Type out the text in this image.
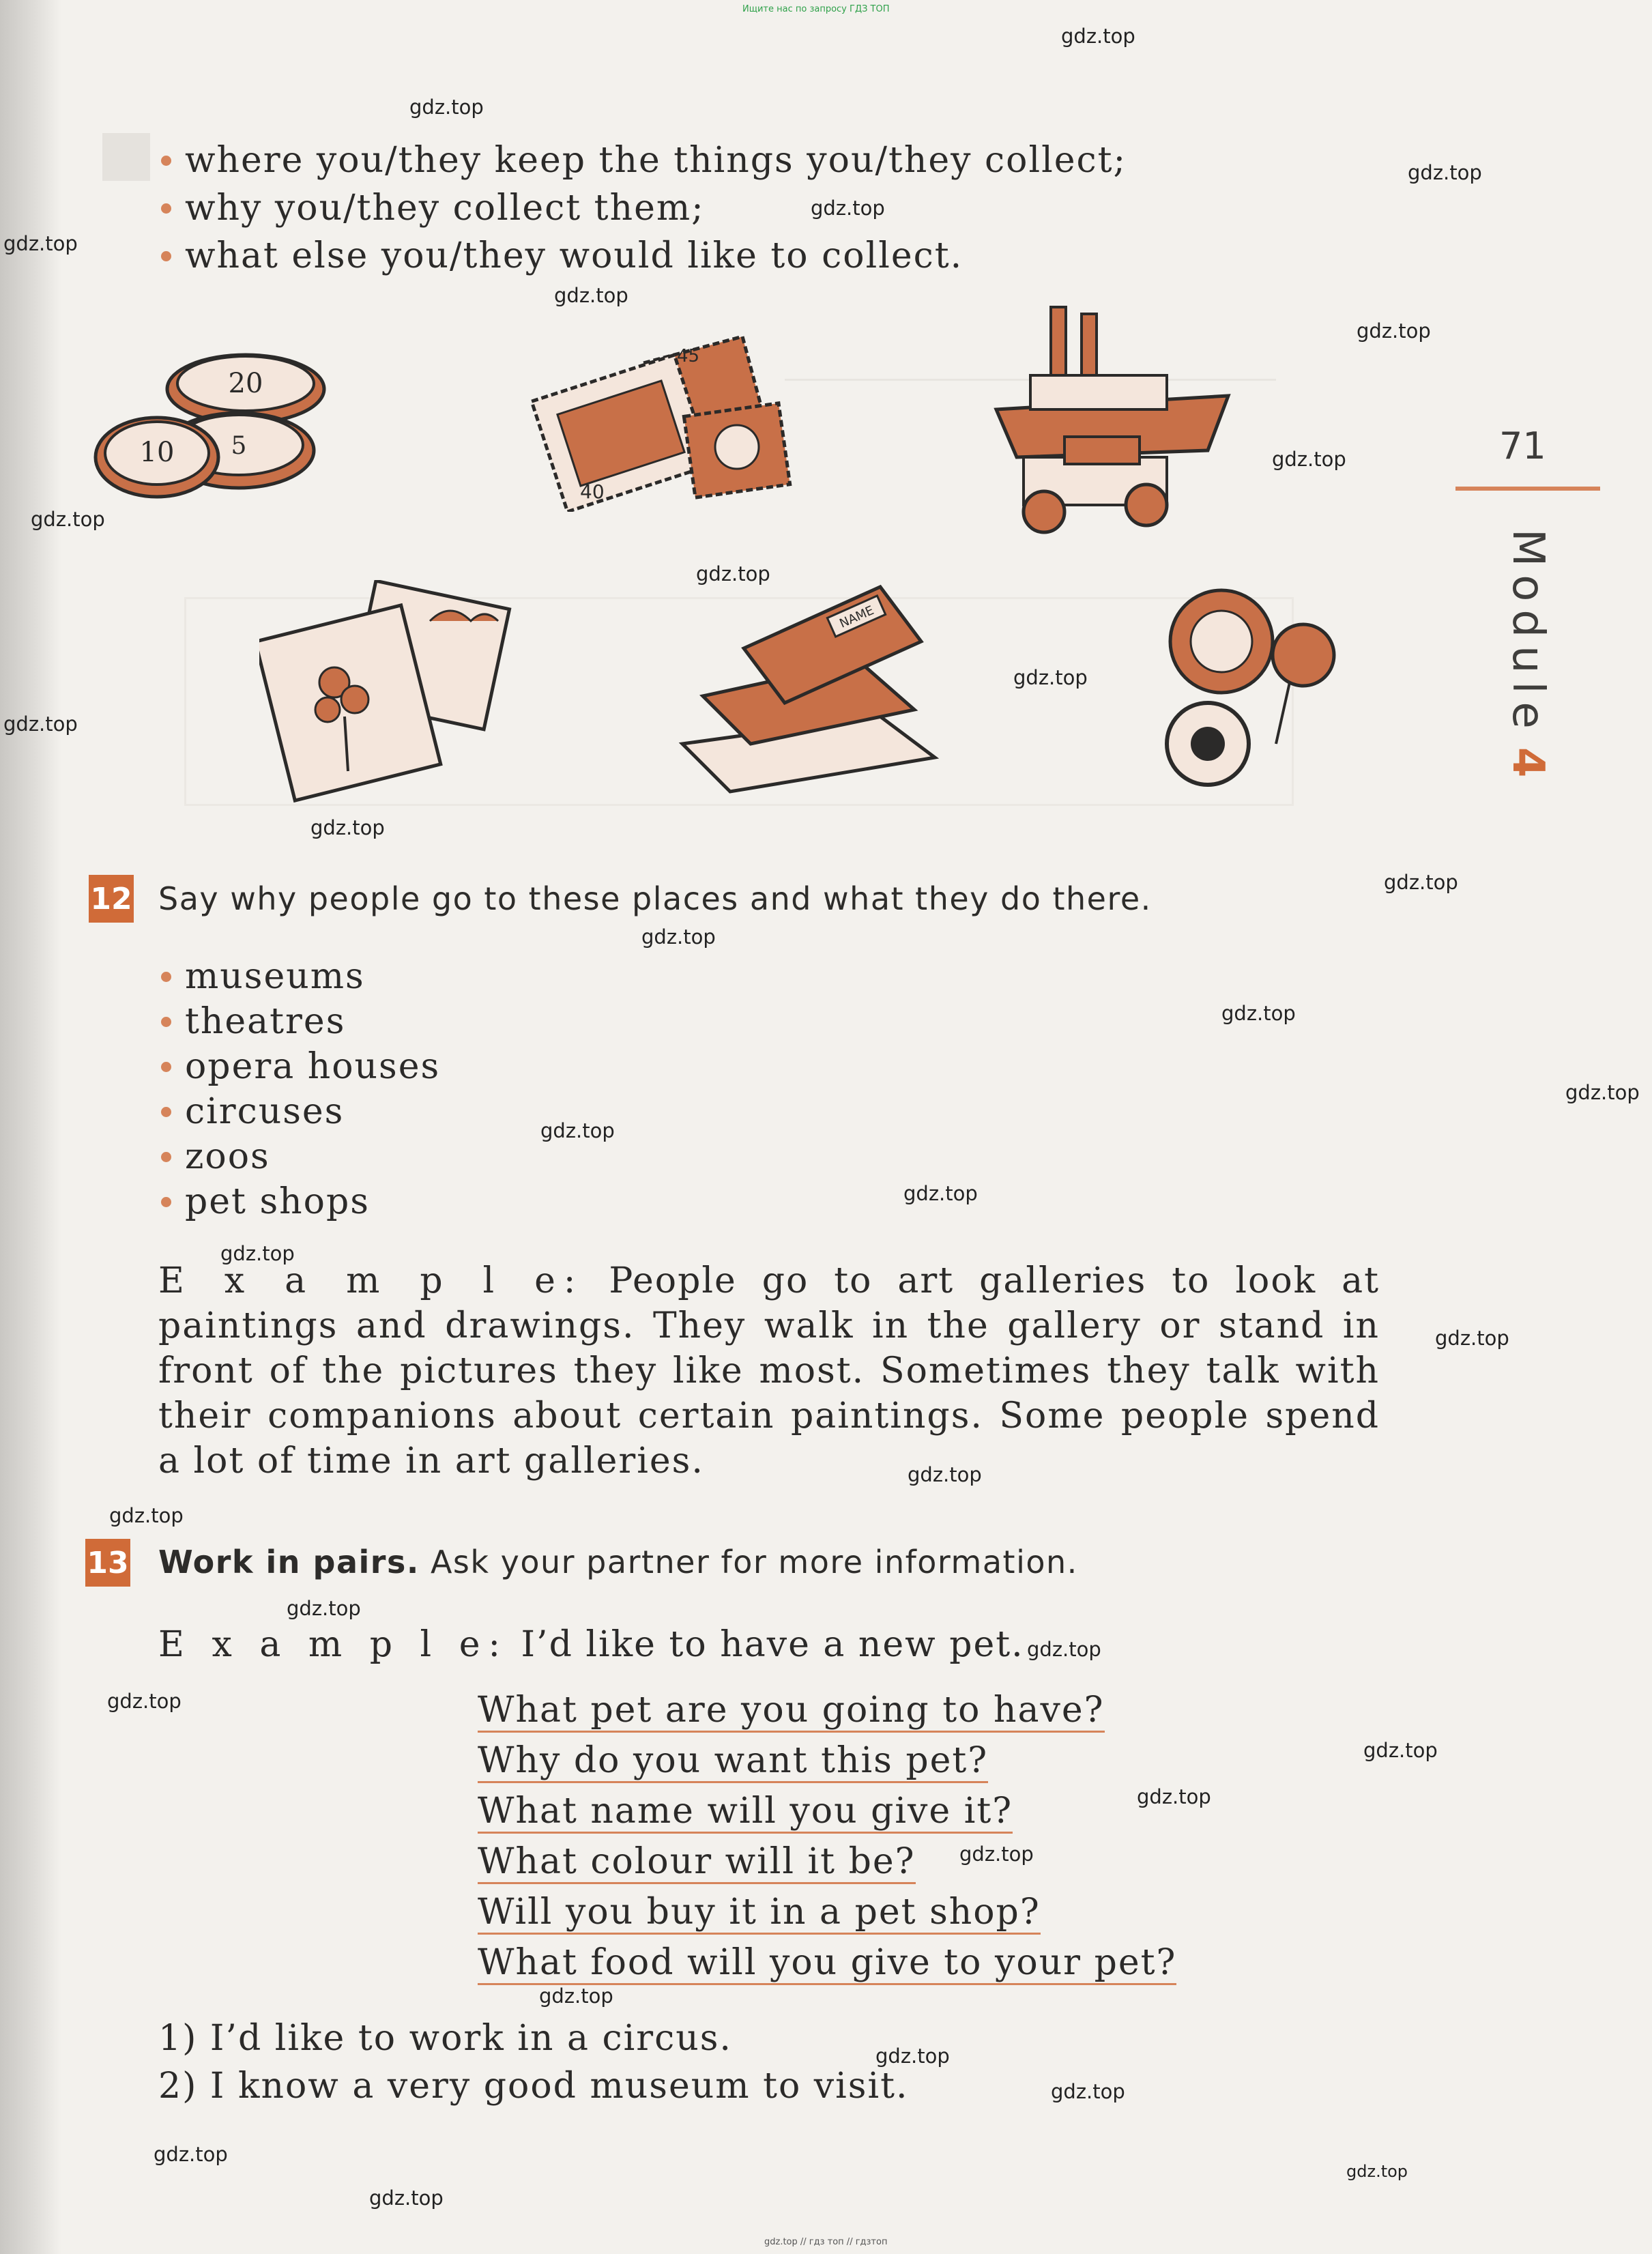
Ищите нас по запросу ГДЗ ТОП
71
Module 4
where you/they keep the things you/they collect;
why you/they collect them;
what else you/they would like to collect.
20
10 5
45
40
NAME
12 Say why people go to these places and what they do there.
museums
theatres
opera houses
circuses
zoos
pet shops
E x a m p l e: People go to art galleries to look at paintings and drawings. They walk in the gallery or stand in front of the pictures they like most. Sometimes they talk with their companions about certain paintings. Some people spend a lot of time in art galleries.
13 Work in pairs. Ask your partner for more information.
E x a m p l e: I’d like to have a new pet.
What pet are you going to have?
Why do you want this pet?
What name will you give it?
What colour will it be?
Will you buy it in a pet shop?
What food will you give to your pet?
1) I’d like to work in a circus.
2) I know a very good museum to visit.
gdz.top
gdz.top
gdz.top
gdz.top
gdz.top
gdz.top
gdz.top
gdz.top
gdz.top
gdz.top
gdz.top
gdz.top
gdz.top
gdz.top
gdz.top
gdz.top
gdz.top
gdz.top
gdz.top
gdz.top
gdz.top
gdz.top
gdz.top
gdz.top
gdz.top
gdz.top
gdz.top
gdz.top
gdz.top
gdz.top
gdz.top
gdz.top
gdz.top
gdz.top
gdz.top
gdz.top // гдз топ // гдзтоп
